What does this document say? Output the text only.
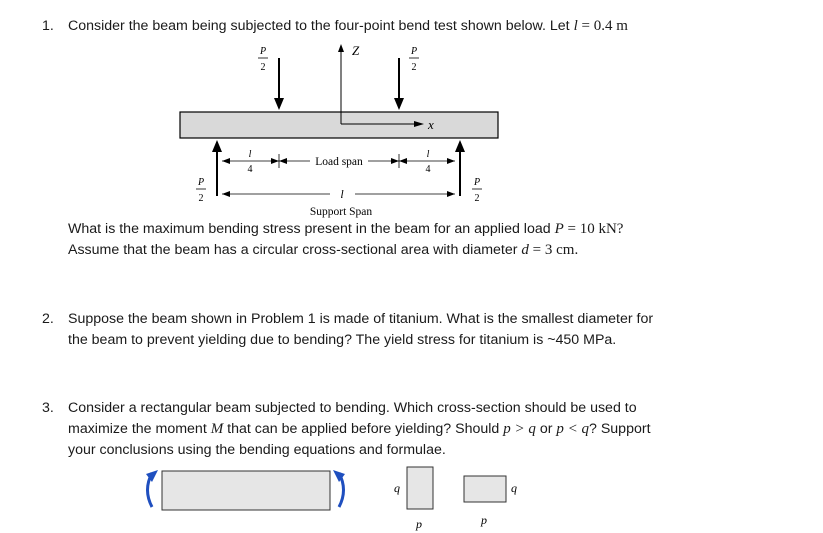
1. Consider the beam being subjected to the four-point bend test shown below. Let l = 0.4 m
P
2
P
2
Z
x
P
2
P
2
l
4
Load span
l
4
l
Support Span
q
p
q
p
What is the maximum bending stress present in the beam for an applied load P = 10 kN?
Assume that the beam has a circular cross-sectional area with diameter d = 3 cm.
2. Suppose the beam shown in Problem 1 is made of titanium. What is the smallest diameter for
the beam to prevent yielding due to bending? The yield stress for titanium is ~450 MPa.
3. Consider a rectangular beam subjected to bending. Which cross-section should be used to
maximize the moment M that can be applied before yielding? Should p > q or p < q? Support
your conclusions using the bending equations and formulae.
